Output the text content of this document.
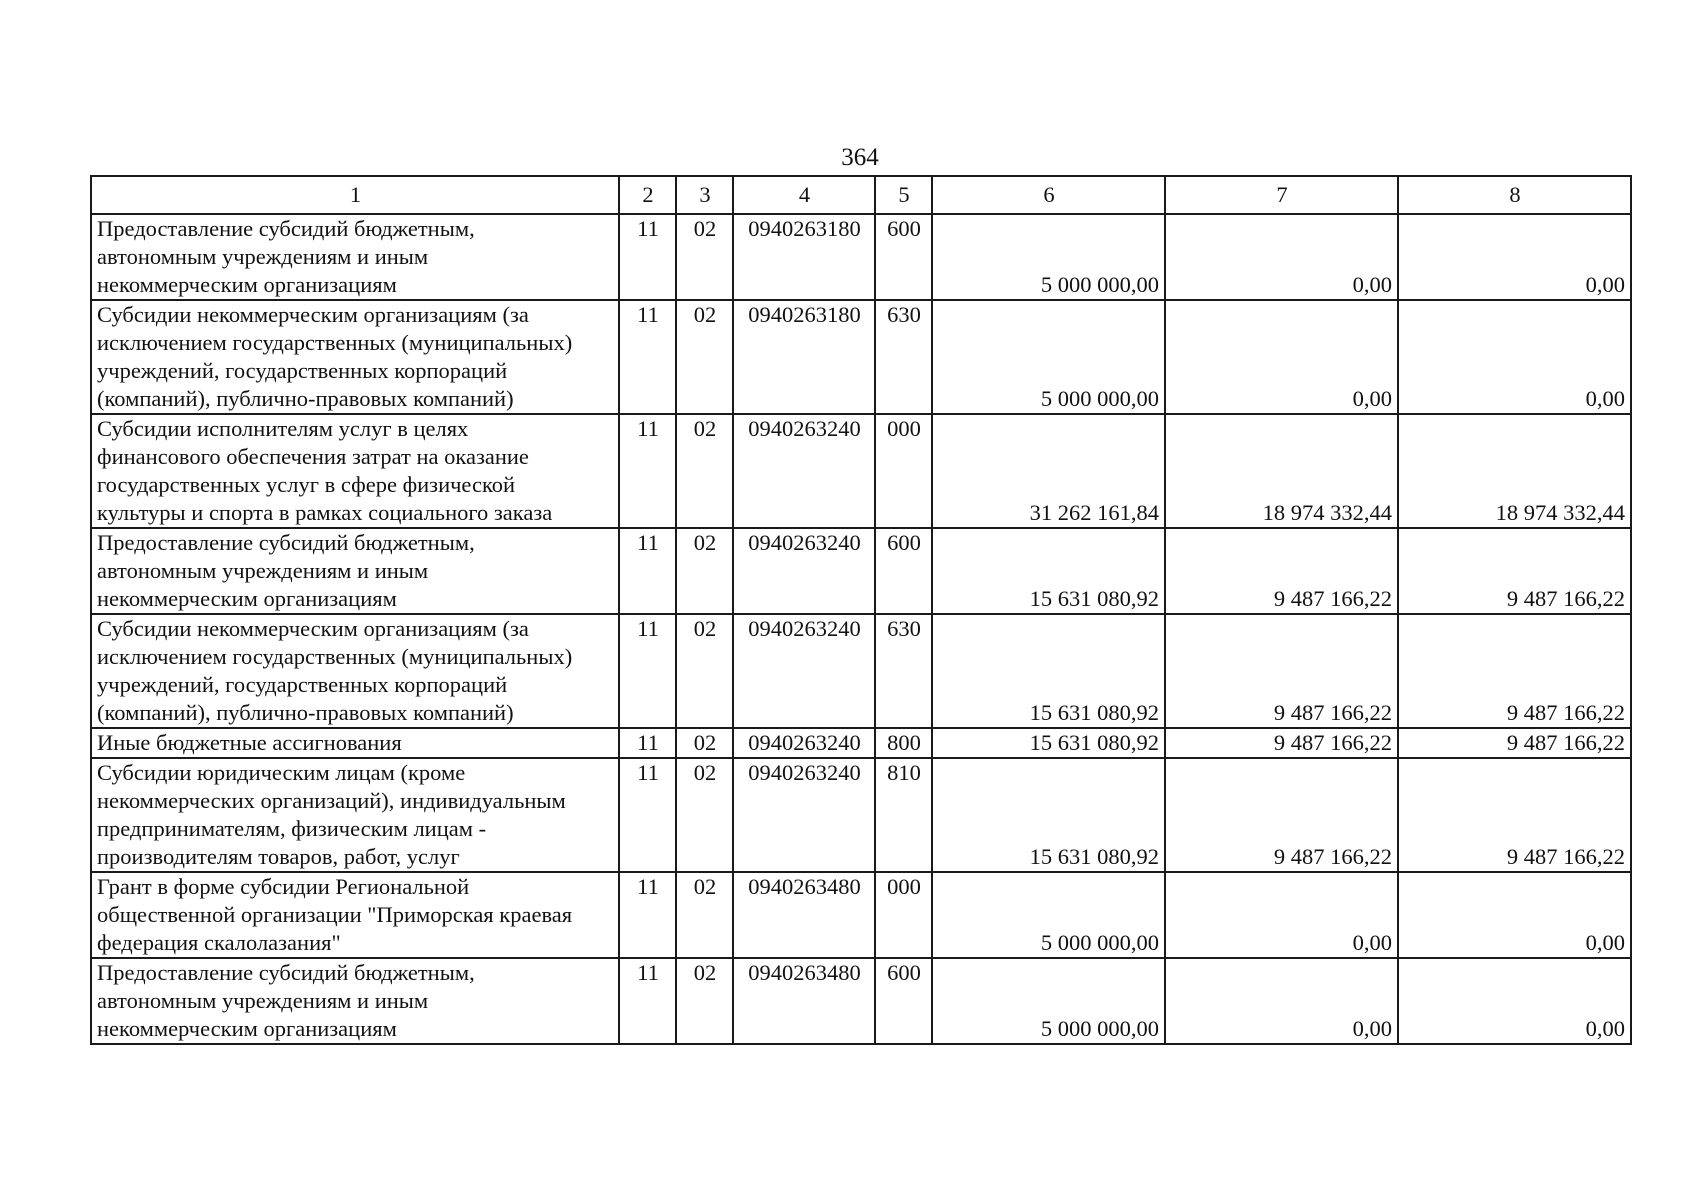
364
1	2	3	4	5	6	7	8

Предоставление субсидий бюджетным,
автономным учреждениям и иным
некоммерческим организациям	11	02	0940263180	600	5 000 000,00	0,00	0,00

Субсидии некоммерческим организациям (за
исключением государственных (муниципальных)
учреждений, государственных корпораций
(компаний), публично-правовых компаний)	11	02	0940263180	630	5 000 000,00	0,00	0,00

Субсидии исполнителям услуг в целях
финансового обеспечения затрат на оказание
государственных услуг в сфере физической
культуры и спорта в рамках социального заказа	11	02	0940263240	000	31 262 161,84	18 974 332,44	18 974 332,44

Предоставление субсидий бюджетным,
автономным учреждениям и иным
некоммерческим организациям	11	02	0940263240	600	15 631 080,92	9 487 166,22	9 487 166,22

Субсидии некоммерческим организациям (за
исключением государственных (муниципальных)
учреждений, государственных корпораций
(компаний), публично-правовых компаний)	11	02	0940263240	630	15 631 080,92	9 487 166,22	9 487 166,22

Иные бюджетные ассигнования	11	02	0940263240	800	15 631 080,92	9 487 166,22	9 487 166,22

Субсидии юридическим лицам (кроме
некоммерческих организаций), индивидуальным
предпринимателям, физическим лицам -
производителям товаров, работ, услуг	11	02	0940263240	810	15 631 080,92	9 487 166,22	9 487 166,22

Грант в форме субсидии Региональной
общественной организации "Приморская краевая
федерация скалолазания"	11	02	0940263480	000	5 000 000,00	0,00	0,00

Предоставление субсидий бюджетным,
автономным учреждениям и иным
некоммерческим организациям	11	02	0940263480	600	5 000 000,00	0,00	0,00
